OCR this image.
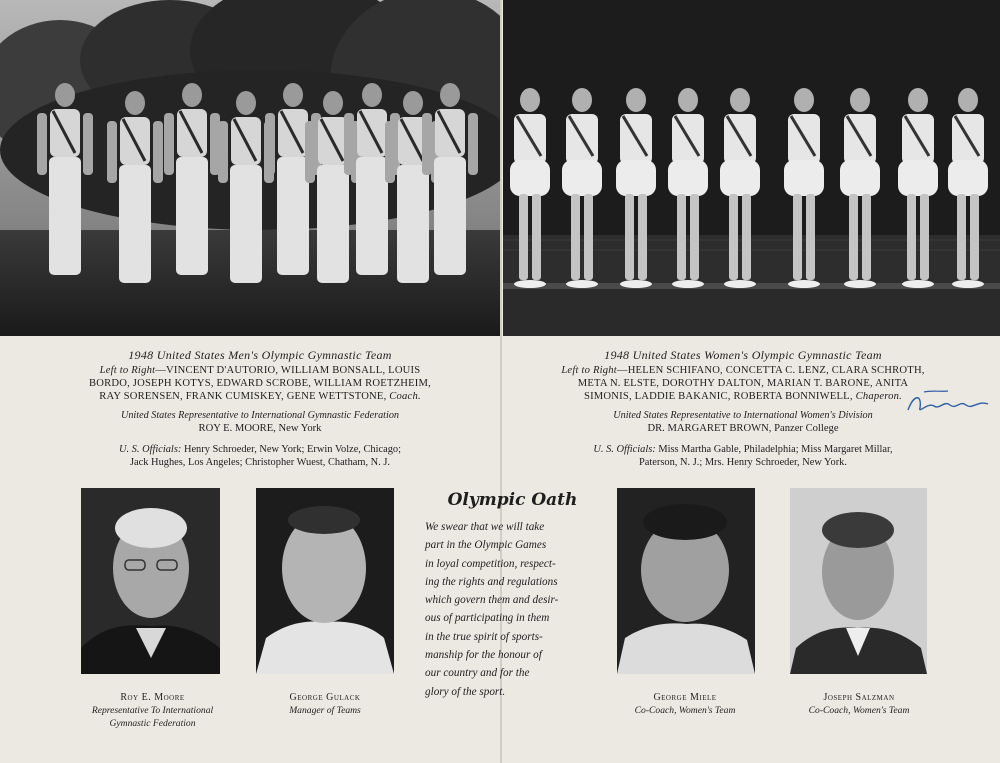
1948 United States Men's Olympic Gymnastic Team
Left to Right—VINCENT D'AUTORIO, WILLIAM BONSALL, LOUIS
BORDO, JOSEPH KOTYS, EDWARD SCROBE, WILLIAM ROETZHEIM,
RAY SORENSEN, FRANK CUMISKEY, GENE WETTSTONE, Coach.
United States Representative to International Gymnastic Federation
ROY E. MOORE, New York
U. S. Officials: Henry Schroeder, New York; Erwin Volze, Chicago;
Jack Hughes, Los Angeles; Christopher Wuest, Chatham, N. J.
1948 United States Women's Olympic Gymnastic Team
Left to Right—HELEN SCHIFANO, CONCETTA C. LENZ, CLARA SCHROTH,
META N. ELSTE, DOROTHY DALTON, MARIAN T. BARONE, ANITA
SIMONIS, LADDIE BAKANIC, ROBERTA BONNIWELL, Chaperon.
United States Representative to International Women's Division
DR. MARGARET BROWN, Panzer College
U. S. Officials: Miss Martha Gable, Philadelphia; Miss Margaret Millar,
Paterson, N. J.; Mrs. Henry Schroeder, New York.
Roy E. Moore
Representative To International
Gymnastic Federation
George Gulack
Manager of Teams
George Miele
Co-Coach, Women's Team
Joseph Salzman
Co-Coach, Women's Team
Olympic Oath
We swear that we will take
part in the Olympic Games
in loyal competition, respect-
ing the rights and regulations
which govern them and desir-
ous of participating in them
in the true spirit of sports-
manship for the honour of
our country and for the
glory of the sport.
